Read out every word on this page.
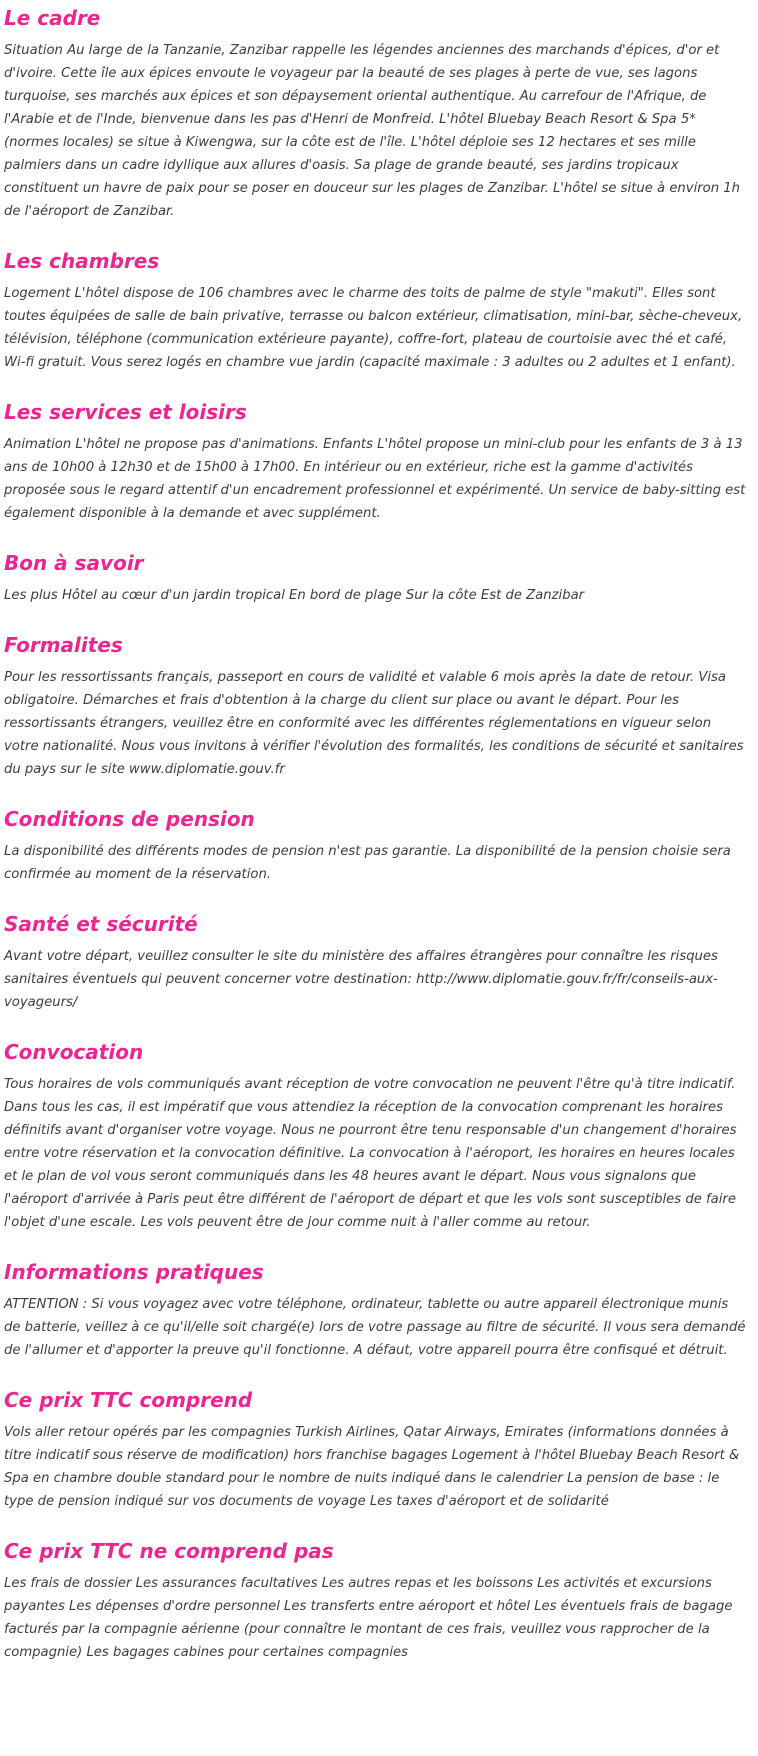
Le cadre

Situation Au large de la Tanzanie, Zanzibar rappelle les légendes anciennes des marchands d'épices, d'or et d'ivoire. Cette île aux épices envoute le voyageur par la beauté de ses plages à perte de vue, ses lagons turquoise, ses marchés aux épices et son dépaysement oriental authentique. Au carrefour de l'Afrique, de l'Arabie et de l'Inde, bienvenue dans les pas d'Henri de Monfreid. L'hôtel Bluebay Beach Resort & Spa 5* (normes locales) se situe à Kiwengwa, sur la côte est de l'île. L'hôtel déploie ses 12 hectares et ses mille palmiers dans un cadre idyllique aux allures d'oasis. Sa plage de grande beauté, ses jardins tropicaux constituent un havre de paix pour se poser en douceur sur les plages de Zanzibar. L'hôtel se situe à environ 1h de l'aéroport de Zanzibar.

Les chambres

Logement L'hôtel dispose de 106 chambres avec le charme des toits de palme de style "makuti". Elles sont toutes équipées de salle de bain privative, terrasse ou balcon extérieur, climatisation, mini-bar, sèche-cheveux, télévision, téléphone (communication extérieure payante), coffre-fort, plateau de courtoisie avec thé et café, Wi-fi gratuit. Vous serez logés en chambre vue jardin (capacité maximale : 3 adultes ou 2 adultes et 1 enfant).

Les services et loisirs

Animation L'hôtel ne propose pas d'animations. Enfants L'hôtel propose un mini-club pour les enfants de 3 à 13 ans de 10h00 à 12h30 et de 15h00 à 17h00. En intérieur ou en extérieur, riche est la gamme d'activités proposée sous le regard attentif d'un encadrement professionnel et expérimenté. Un service de baby-sitting est également disponible à la demande et avec supplément.

Bon à savoir

Les plus Hôtel au cœur d'un jardin tropical En bord de plage Sur la côte Est de Zanzibar

Formalites

Pour les ressortissants français, passeport en cours de validité et valable 6 mois après la date de retour. Visa obligatoire. Démarches et frais d'obtention à la charge du client sur place ou avant le départ. Pour les ressortissants étrangers, veuillez être en conformité avec les différentes réglementations en vigueur selon votre nationalité. Nous vous invitons à vérifier l'évolution des formalités, les conditions de sécurité et sanitaires du pays sur le site www.diplomatie.gouv.fr

Conditions de pension

La disponibilité des différents modes de pension n'est pas garantie. La disponibilité de la pension choisie sera confirmée au moment de la réservation.

Santé et sécurité

Avant votre départ, veuillez consulter le site du ministère des affaires étrangères pour connaître les risques sanitaires éventuels qui peuvent concerner votre destination: http://www.diplomatie.gouv.fr/fr/conseils-aux-voyageurs/

Convocation

Tous horaires de vols communiqués avant réception de votre convocation ne peuvent l'être qu'à titre indicatif. Dans tous les cas, il est impératif que vous attendiez la réception de la convocation comprenant les horaires définitifs avant d'organiser votre voyage. Nous ne pourront être tenu responsable d'un changement d'horaires entre votre réservation et la convocation définitive. La convocation à l'aéroport, les horaires en heures locales et le plan de vol vous seront communiqués dans les 48 heures avant le départ. Nous vous signalons que l'aéroport d'arrivée à Paris peut être différent de l'aéroport de départ et que les vols sont susceptibles de faire l'objet d'une escale. Les vols peuvent être de jour comme nuit à l'aller comme au retour.

Informations pratiques

ATTENTION : Si vous voyagez avec votre téléphone, ordinateur, tablette ou autre appareil électronique munis de batterie, veillez à ce qu'il/elle soit chargé(e) lors de votre passage au filtre de sécurité. Il vous sera demandé de l'allumer et d'apporter la preuve qu'il fonctionne. A défaut, votre appareil pourra être confisqué et détruit.

Ce prix TTC comprend

Vols aller retour opérés par les compagnies Turkish Airlines, Qatar Airways, Emirates (informations données à titre indicatif sous réserve de modification) hors franchise bagages Logement à l'hôtel Bluebay Beach Resort & Spa en chambre double standard pour le nombre de nuits indiqué dans le calendrier La pension de base : le type de pension indiqué sur vos documents de voyage Les taxes d'aéroport et de solidarité

Ce prix TTC ne comprend pas

Les frais de dossier Les assurances facultatives Les autres repas et les boissons Les activités et excursions payantes Les dépenses d'ordre personnel Les transferts entre aéroport et hôtel Les éventuels frais de bagage facturés par la compagnie aérienne (pour connaître le montant de ces frais, veuillez vous rapprocher de la compagnie) Les bagages cabines pour certaines compagnies
